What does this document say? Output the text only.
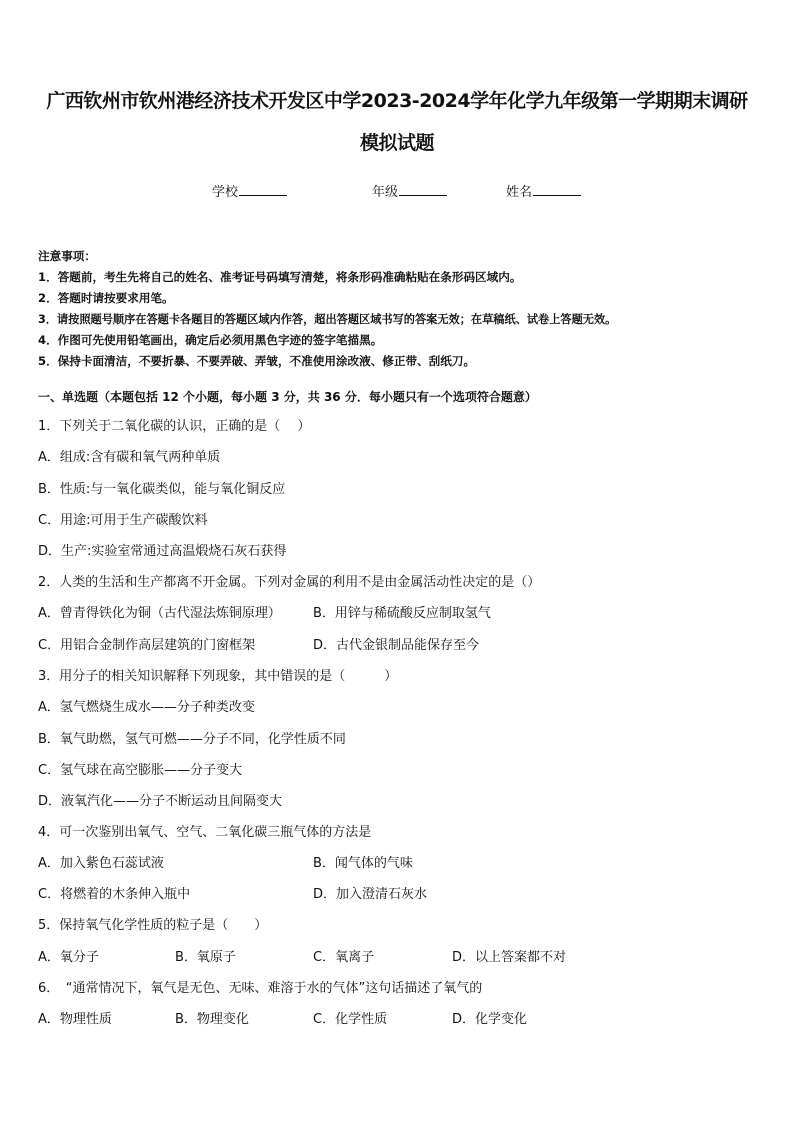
广西钦州市钦州港经济技术开发区中学2023-2024学年化学九年级第一学期期末调研
模拟试题
学校	年级	姓名
注意事项：
1．答题前，考生先将自己的姓名、准考证号码填写清楚，将条形码准确粘贴在条形码区域内。
2．答题时请按要求用笔。
3．请按照题号顺序在答题卡各题目的答题区域内作答，超出答题区域书写的答案无效；在草稿纸、试卷上答题无效。
4．作图可先使用铅笔画出，确定后必须用黑色字迹的签字笔描黑。
5．保持卡面清洁，不要折暴、不要弄破、弄皱，不准使用涂改液、修正带、刮纸刀。
一、单选题（本题包括 12 个小题，每小题 3 分，共 36 分．每小题只有一个选项符合题意）
1．下列关于二氧化碳的认识，正确的是（　 ）
A．组成:含有碳和氧气两种单质
B．性质:与一氧化碳类似，能与氧化铜反应
C．用途:可用于生产碳酸饮料
D．生产:实验室常通过高温煅烧石灰石获得
2．人类的生活和生产都离不开金属。下列对金属的利用不是由金属活动性决定的是（）
A．曾青得铁化为铜（古代湿法炼铜原理） B．用锌与稀硫酸反应制取氢气
C．用铝合金制作高层建筑的门窗框架	D．古代金银制品能保存至今
3．用分子的相关知识解释下列现象，其中错误的是（　　　）
A．氢气燃烧生成水——分子种类改变
B．氧气助燃，氢气可燃——分子不同，化学性质不同
C．氢气球在高空膨胀——分子变大
D．液氧汽化——分子不断运动且间隔变大
4．可一次鉴别出氧气、空气、二氧化碳三瓶气体的方法是
A．加入紫色石蕊试液	B．闻气体的气味
C．将燃着的木条伸入瓶中	D．加入澄清石灰水
5．保持氧气化学性质的粒子是（　　）
A．氧分子	B．氧原子	C．氧离子	D．以上答案都不对
6．　“通常情况下，氧气是无色、无味、难溶于水的气体”这句话描述了氧气的
A．物理性质	B．物理变化	C．化学性质	D．化学变化
